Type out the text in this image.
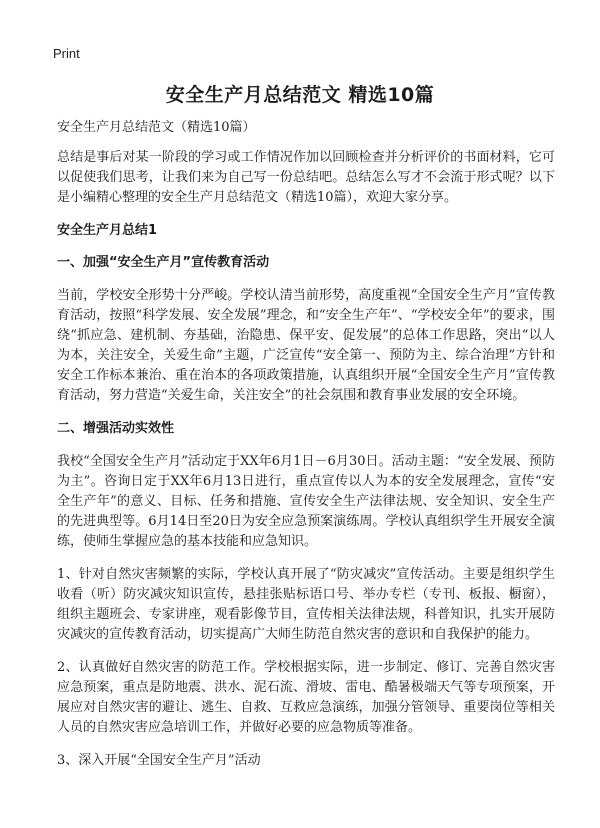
Print
安全生产月总结范文 精选10篇

安全生产月总结范文（精选10篇）

总结是事后对某一阶段的学习或工作情况作加以回顾检查并分析评价的书面材料，它可以促使我们思考，让我们来为自己写一份总结吧。总结怎么写才不会流于形式呢？以下是小编精心整理的安全生产月总结范文（精选10篇），欢迎大家分享。

安全生产月总结1

一、加强“安全生产月”宣传教育活动

当前，学校安全形势十分严峻。学校认清当前形势，高度重视“全国安全生产月”宣传教育活动，按照“科学发展、安全发展”理念，和“安全生产年”、“学校安全年”的要求，围绕“抓应急、建机制、夯基础，治隐患、保平安、促发展”的总体工作思路，突出“以人为本，关注安全，关爱生命”主题，广泛宣传“安全第一、预防为主、综合治理”方针和安全工作标本兼治、重在治本的各项政策措施，认真组织开展“全国安全生产月”宣传教育活动，努力营造“关爱生命，关注安全”的社会氛围和教育事业发展的安全环境。

二、增强活动实效性

我校“全国安全生产月”活动定于XX年6月1日－6月30日。活动主题：“安全发展、预防为主”。咨询日定于XX年6月13日进行，重点宣传以人为本的安全发展理念，宣传“安全生产年”的意义、目标、任务和措施、宣传安全生产法律法规、安全知识、安全生产的先进典型等。6月14日至20日为安全应急预案演练周。学校认真组织学生开展安全演练，使师生掌握应急的基本技能和应急知识。

1、针对自然灾害频繁的实际，学校认真开展了“防灾减灾”宣传活动。主要是组织学生收看（听）防灾减灾知识宣传，悬挂张贴标语口号、举办专栏（专刊、板报、橱窗），组织主题班会、专家讲座，观看影像节目，宣传相关法律法规，科普知识，扎实开展防灾减灾的宣传教育活动，切实提高广大师生防范自然灾害的意识和自我保护的能力。

2、认真做好自然灾害的防范工作。学校根据实际，进一步制定、修订、完善自然灾害应急预案，重点是防地震、洪水、泥石流、滑坡、雷电、酷暑极端天气等专项预案，开展应对自然灾害的避让、逃生、自救、互救应急演练，加强分管领导、重要岗位等相关人员的自然灾害应急培训工作，并做好必要的应急物质等准备。

3、深入开展“全国安全生产月”活动
